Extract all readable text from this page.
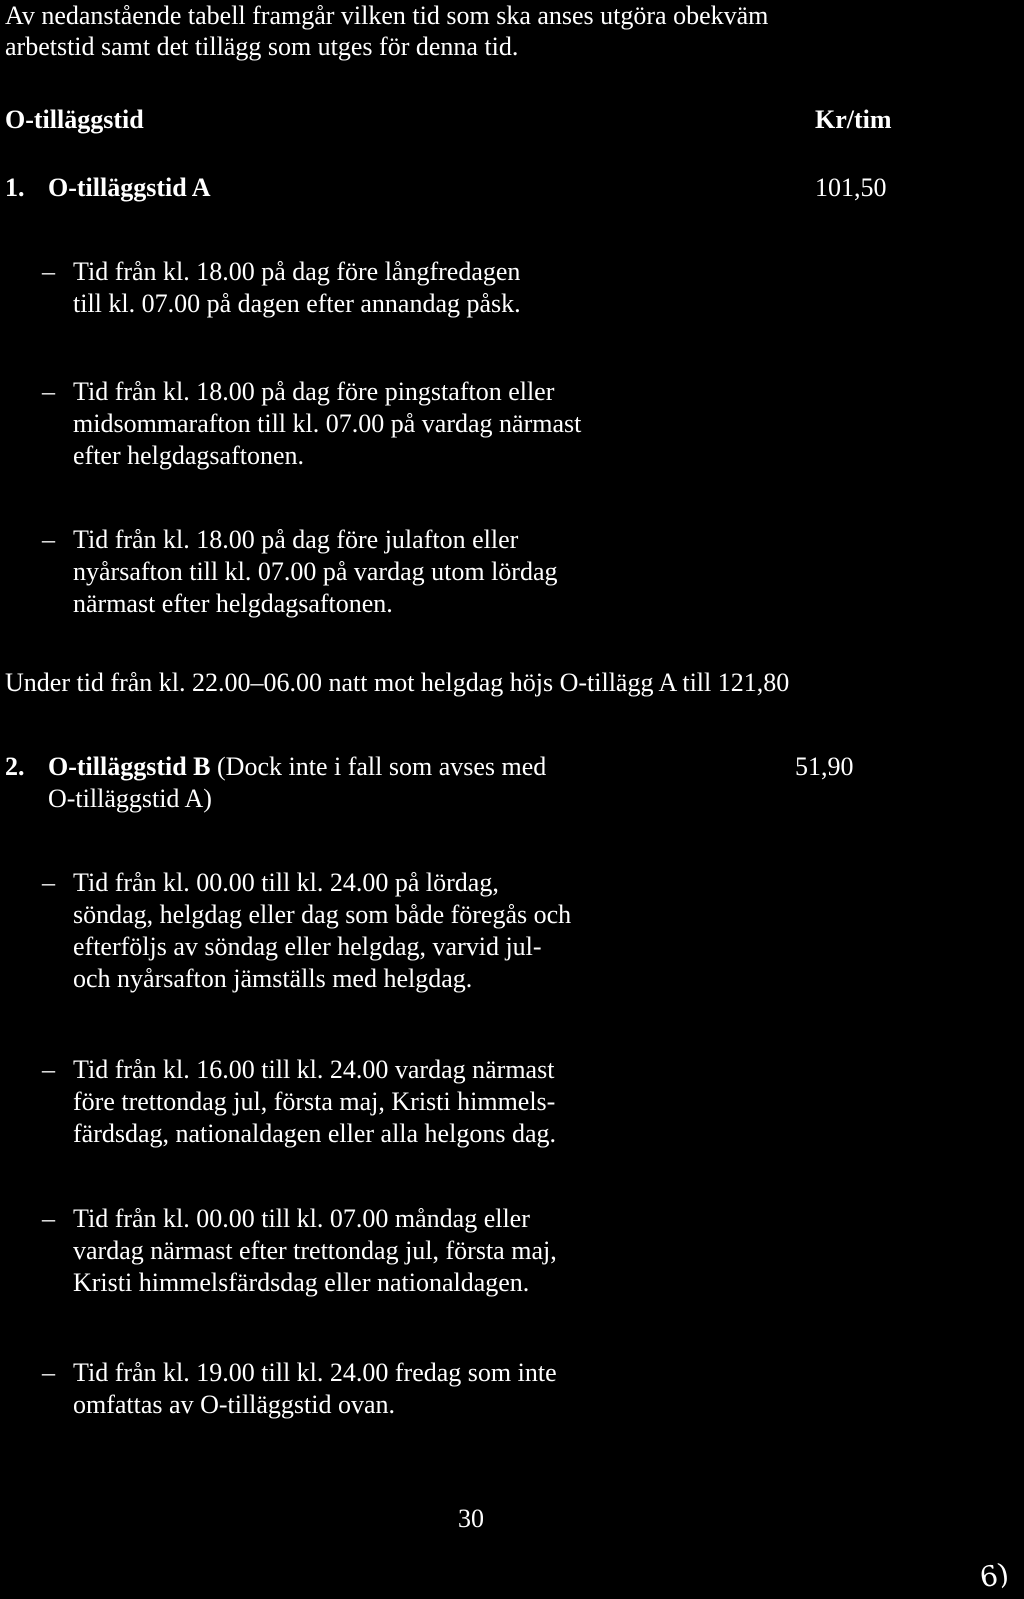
Av nedanstående tabell framgår vilken tid som ska anses utgöra obekväm
arbetstid samt det tillägg som utges för denna tid.
O-tilläggstid	Kr/tim
1. O-tilläggstid A	101,50
– Tid från kl. 18.00 på dag före långfredagen
till kl. 07.00 på dagen efter annandag påsk.
– Tid från kl. 18.00 på dag före pingstafton eller
midsommarafton till kl. 07.00 på vardag närmast
efter helgdagsaftonen.
– Tid från kl. 18.00 på dag före julafton eller
nyårsafton till kl. 07.00 på vardag utom lördag
närmast efter helgdagsaftonen.
Under tid från kl. 22.00–06.00 natt mot helgdag höjs O-tillägg A till 121,80
2. O-tilläggstid B (Dock inte i fall som avses med
O-tilläggstid A)
51,90
– Tid från kl. 00.00 till kl. 24.00 på lördag,
söndag, helgdag eller dag som både föregås och
efterföljs av söndag eller helgdag, varvid jul-
och nyårsafton jämställs med helgdag.
– Tid från kl. 16.00 till kl. 24.00 vardag närmast
före trettondag jul, första maj, Kristi himmels-
färdsdag, nationaldagen eller alla helgons dag.
– Tid från kl. 00.00 till kl. 07.00 måndag eller
vardag närmast efter trettondag jul, första maj,
Kristi himmelsfärdsdag eller nationaldagen.
– Tid från kl. 19.00 till kl. 24.00 fredag som inte
omfattas av O-tilläggstid ovan.
30
6)
